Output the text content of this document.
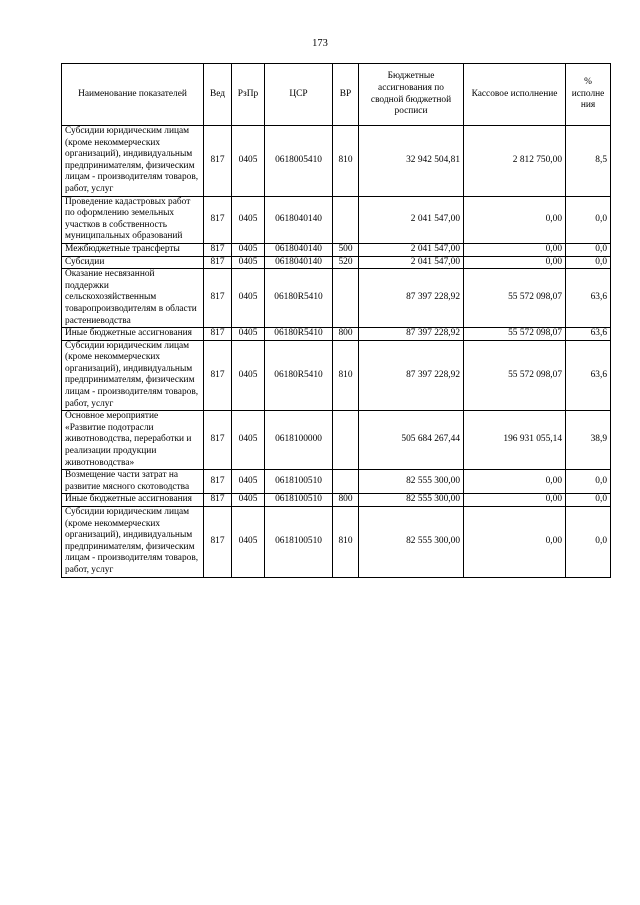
173
Наименование показателей	Вед	РзПр	ЦСР	ВР	Бюджетные ассигнования по сводной бюджетной росписи	Кассовое исполнение	% исполне ния
Субсидии юридическим лицам (кроме некоммерческих организаций), индивидуальным предпринимателям, физическим лицам - производителям товаров, работ, услуг	817	0405	0618005410	810	32 942 504,81	2 812 750,00	8,5
Проведение кадастровых работ по оформлению земельных участков в собственность муниципальных образований	817	0405	0618040140		2 041 547,00	0,00	0,0
Межбюджетные трансферты	817	0405	0618040140	500	2 041 547,00	0,00	0,0
Субсидии	817	0405	0618040140	520	2 041 547,00	0,00	0,0
Оказание несвязанной поддержки сельскохозяйственным товаропроизводителям в области растениеводства	817	0405	06180R5410		87 397 228,92	55 572 098,07	63,6
Иные бюджетные ассигнования	817	0405	06180R5410	800	87 397 228,92	55 572 098,07	63,6
Субсидии юридическим лицам (кроме некоммерческих организаций), индивидуальным предпринимателям, физическим лицам - производителям товаров, работ, услуг	817	0405	06180R5410	810	87 397 228,92	55 572 098,07	63,6
Основное мероприятие «Развитие подотрасли животноводства, переработки и реализации продукции животноводства»	817	0405	0618100000		505 684 267,44	196 931 055,14	38,9
Возмещение части затрат на развитие мясного скотоводства	817	0405	0618100510		82 555 300,00	0,00	0,0
Иные бюджетные ассигнования	817	0405	0618100510	800	82 555 300,00	0,00	0,0
Субсидии юридическим лицам (кроме некоммерческих организаций), индивидуальным предпринимателям, физическим лицам - производителям товаров, работ, услуг	817	0405	0618100510	810	82 555 300,00	0,00	0,0
